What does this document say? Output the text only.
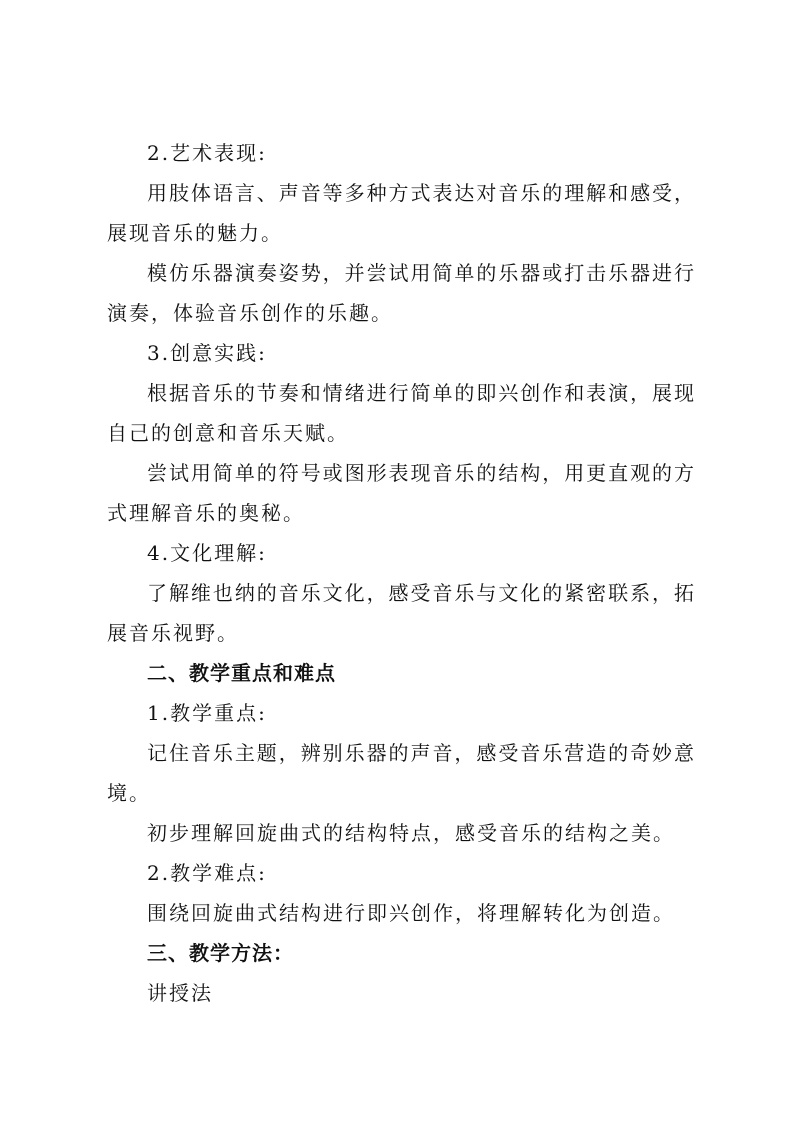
2.艺术表现:
用肢体语言、声音等多种方式表达对音乐的理解和感受，
展现音乐的魅力。
模仿乐器演奏姿势，并尝试用简单的乐器或打击乐器进行
演奏，体验音乐创作的乐趣。
3.创意实践:
根据音乐的节奏和情绪进行简单的即兴创作和表演，展现
自己的创意和音乐天赋。
尝试用简单的符号或图形表现音乐的结构，用更直观的方
式理解音乐的奥秘。
4.文化理解:
了解维也纳的音乐文化，感受音乐与文化的紧密联系，拓
展音乐视野。
二、教学重点和难点
1.教学重点:
记住音乐主题，辨别乐器的声音，感受音乐营造的奇妙意
境。
初步理解回旋曲式的结构特点，感受音乐的结构之美。
2.教学难点:
围绕回旋曲式结构进行即兴创作，将理解转化为创造。
三、教学方法：
讲授法
